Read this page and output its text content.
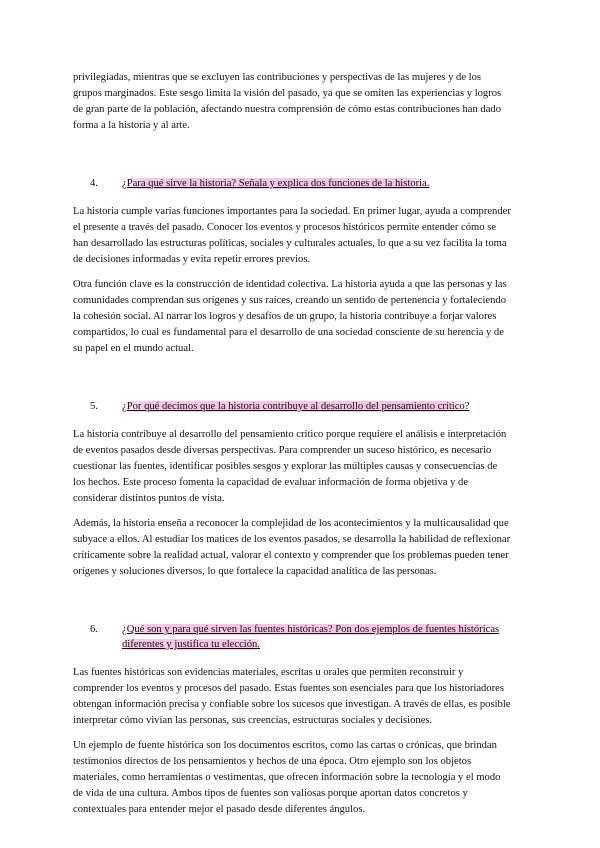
privilegiadas, mientras que se excluyen las contribuciones y perspectivas de las mujeres y de los grupos marginados. Este sesgo limita la visión del pasado, ya que se omiten las experiencias y logros de gran parte de la población, afectando nuestra comprensión de cómo estas contribuciones han dado forma a la historia y al arte.

4.	¿Para qué sirve la historia? Señala y explica dos funciones de la historia.

La historia cumple varias funciones importantes para la sociedad. En primer lugar, ayuda a comprender el presente a través del pasado. Conocer los eventos y procesos históricos permite entender cómo se han desarrollado las estructuras políticas, sociales y culturales actuales, lo que a su vez facilita la toma de decisiones informadas y evita repetir errores previos.

Otra función clave es la construcción de identidad colectiva. La historia ayuda a que las personas y las comunidades comprendan sus orígenes y sus raíces, creando un sentido de pertenencia y fortaleciendo la cohesión social. Al narrar los logros y desafíos de un grupo, la historia contribuye a forjar valores compartidos, lo cual es fundamental para el desarrollo de una sociedad consciente de su herencia y de su papel en el mundo actual.

5.	¿Por qué decimos que la historia contribuye al desarrollo del pensamiento crítico?

La historia contribuye al desarrollo del pensamiento crítico porque requiere el análisis e interpretación de eventos pasados desde diversas perspectivas. Para comprender un suceso histórico, es necesario cuestionar las fuentes, identificar posibles sesgos y explorar las múltiples causas y consecuencias de los hechos. Este proceso fomenta la capacidad de evaluar información de forma objetiva y de considerar distintos puntos de vista.

Además, la historia enseña a reconocer la complejidad de los acontecimientos y la multicausalidad que subyace a ellos. Al estudiar los matices de los eventos pasados, se desarrolla la habilidad de reflexionar críticamente sobre la realidad actual, valorar el contexto y comprender que los problemas pueden tener orígenes y soluciones diversos, lo que fortalece la capacidad analítica de las personas.

6.	¿Qué son y para qué sirven las fuentes históricas? Pon dos ejemplos de fuentes históricas diferentes y justifica tu elección.

Las fuentes históricas son evidencias materiales, escritas u orales que permiten reconstruir y comprender los eventos y procesos del pasado. Estas fuentes son esenciales para que los historiadores obtengan información precisa y confiable sobre los sucesos que investigan. A través de ellas, es posible interpretar cómo vivían las personas, sus creencias, estructuras sociales y decisiones.

Un ejemplo de fuente histórica son los documentos escritos, como las cartas o crónicas, que brindan testimonios directos de los pensamientos y hechos de una época. Otro ejemplo son los objetos materiales, como herramientas o vestimentas, que ofrecen información sobre la tecnología y el modo de vida de una cultura. Ambos tipos de fuentes son valiosas porque aportan datos concretos y contextuales para entender mejor el pasado desde diferentes ángulos.
